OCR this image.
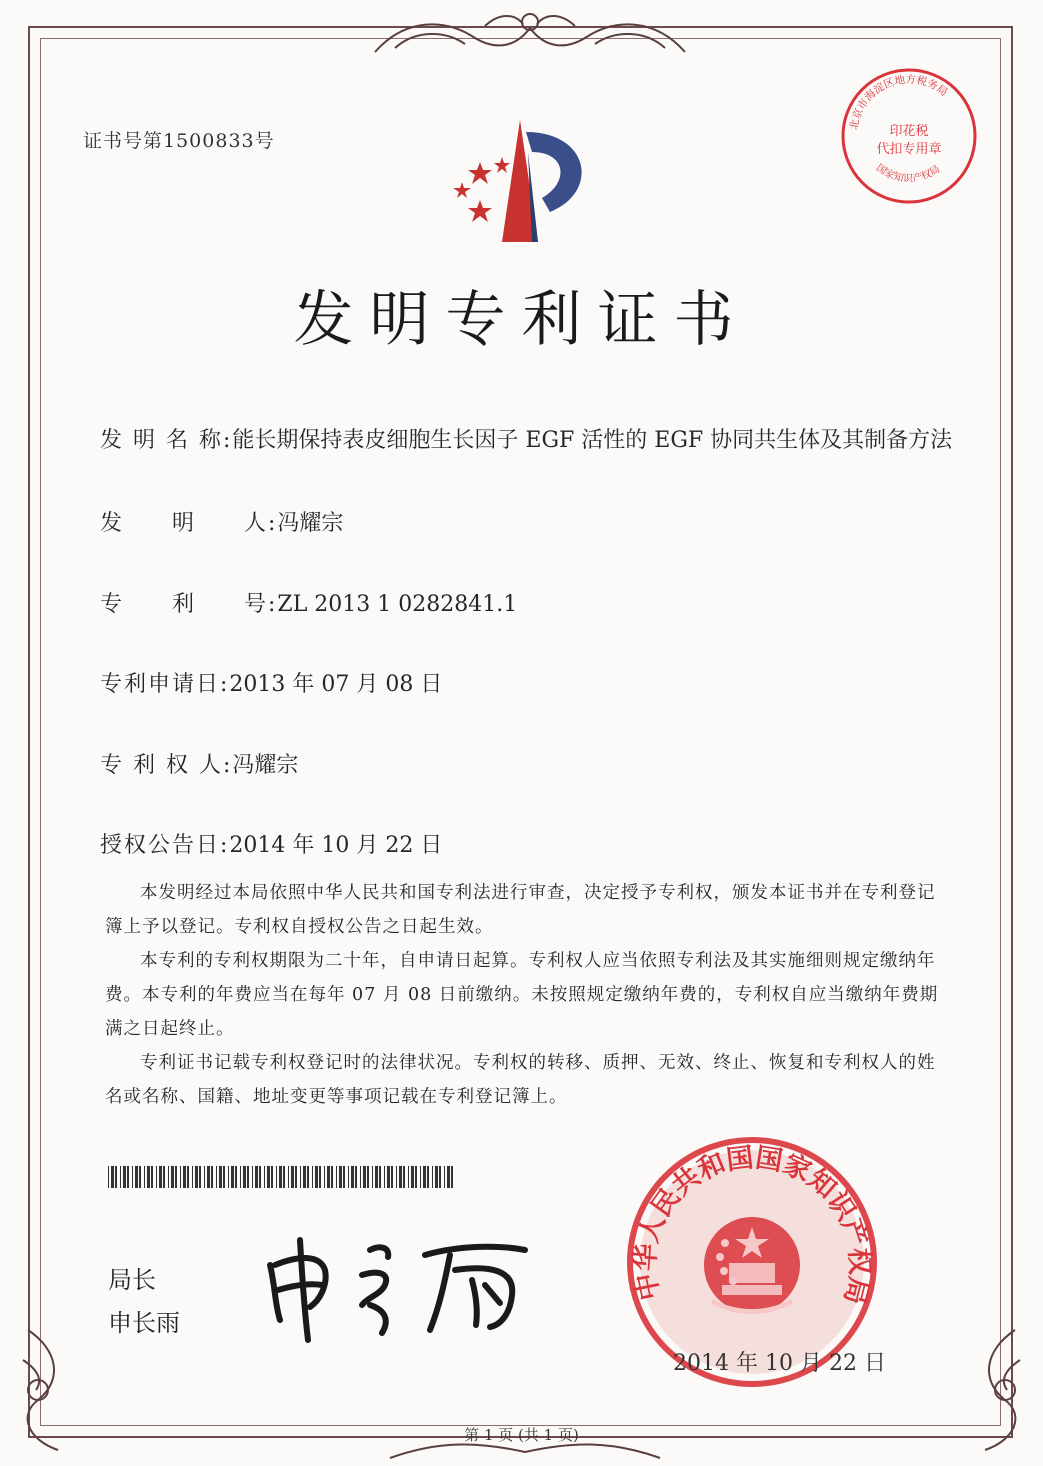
证书号第1500833号
北京市海淀区地方税务局
国家知识产权局
印花税
代扣专用章
发明专利证书
发 明 名 称:能长期保持表皮细胞生长因子 EGF 活性的 EGF 协同共生体及其制备方法
发　　明　　人:冯耀宗
专　　利　　号:ZL 2013 1 0282841.1
专利申请日:2013 年 07 月 08 日
专 利 权 人:冯耀宗
授权公告日:2014 年 10 月 22 日

本发明经过本局依照中华人民共和国专利法进行审查，决定授予专利权，颁发本证书并在专利登记簿上予以登记。专利权自授权公告之日起生效。

本专利的专利权期限为二十年，自申请日起算。专利权人应当依照专利法及其实施细则规定缴纳年费。本专利的年费应当在每年 07 月 08 日前缴纳。未按照规定缴纳年费的，专利权自应当缴纳年费期满之日起终止。

专利证书记载专利权登记时的法律状况。专利权的转移、质押、无效、终止、恢复和专利权人的姓名或名称、国籍、地址变更等事项记载在专利登记簿上。

局长
申长雨
中华人民共和国国家知识产权局
2014 年 10 月 22 日
第 1 页 (共 1 页)
